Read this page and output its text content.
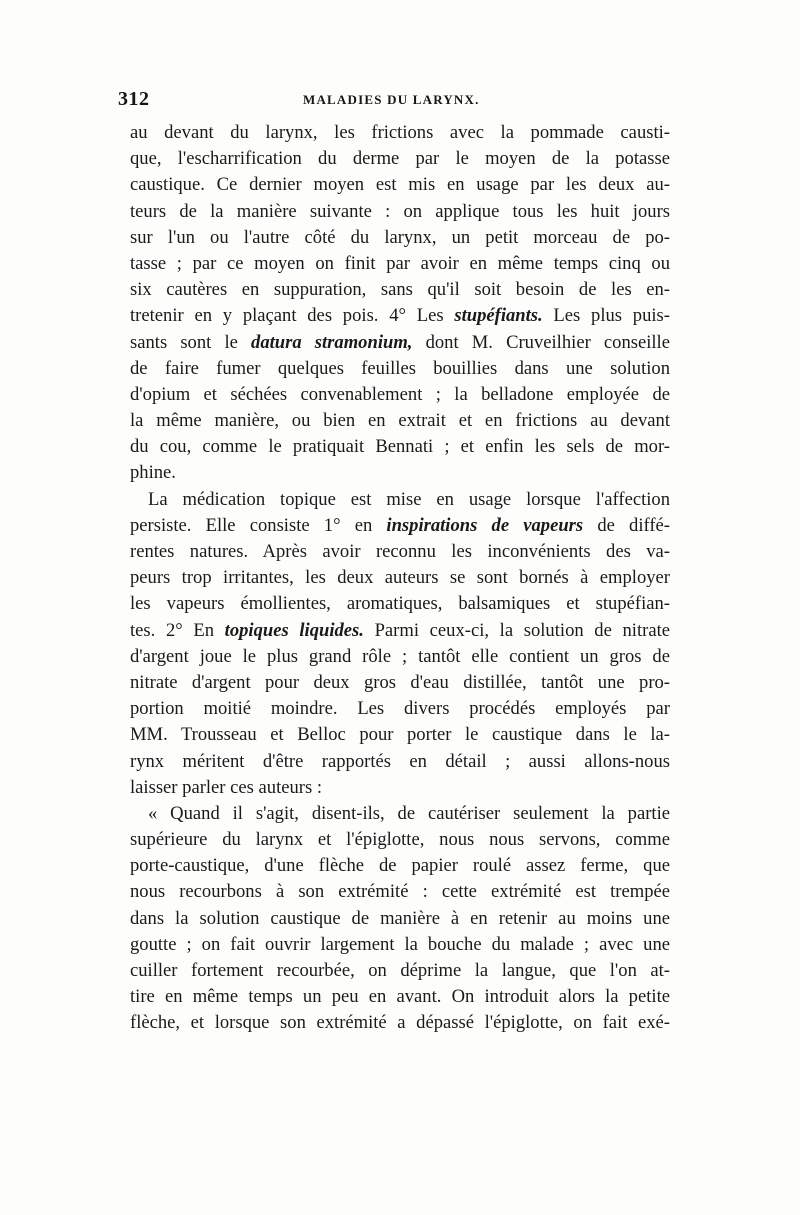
312	MALADIES DU LARYNX.
au devant du larynx, les frictions avec la pommade causti-
que, l'escharrification du derme par le moyen de la potasse
caustique. Ce dernier moyen est mis en usage par les deux au-
teurs de la manière suivante : on applique tous les huit jours
sur l'un ou l'autre côté du larynx, un petit morceau de po-
tasse ; par ce moyen on finit par avoir en même temps cinq ou
six cautères en suppuration, sans qu'il soit besoin de les en-
tretenir en y plaçant des pois. 4° Les stupéfiants. Les plus puis-
sants sont le datura stramonium, dont M. Cruveilhier conseille
de faire fumer quelques feuilles bouillies dans une solution
d'opium et séchées convenablement ; la belladone employée de
la même manière, ou bien en extrait et en frictions au devant
du cou, comme le pratiquait Bennati ; et enfin les sels de mor-
phine.
La médication topique est mise en usage lorsque l'affection
persiste. Elle consiste 1° en inspirations de vapeurs de diffé-
rentes natures. Après avoir reconnu les inconvénients des va-
peurs trop irritantes, les deux auteurs se sont bornés à employer
les vapeurs émollientes, aromatiques, balsamiques et stupéfian-
tes. 2° En topiques liquides. Parmi ceux-ci, la solution de nitrate
d'argent joue le plus grand rôle ; tantôt elle contient un gros de
nitrate d'argent pour deux gros d'eau distillée, tantôt une pro-
portion moitié moindre. Les divers procédés employés par
MM. Trousseau et Belloc pour porter le caustique dans le la-
rynx méritent d'être rapportés en détail ; aussi allons-nous
laisser parler ces auteurs :
« Quand il s'agit, disent-ils, de cautériser seulement la partie
supérieure du larynx et l'épiglotte, nous nous servons, comme
porte-caustique, d'une flèche de papier roulé assez ferme, que
nous recourbons à son extrémité : cette extrémité est trempée
dans la solution caustique de manière à en retenir au moins une
goutte ; on fait ouvrir largement la bouche du malade ; avec une
cuiller fortement recourbée, on déprime la langue, que l'on at-
tire en même temps un peu en avant. On introduit alors la petite
flèche, et lorsque son extrémité a dépassé l'épiglotte, on fait exé-
